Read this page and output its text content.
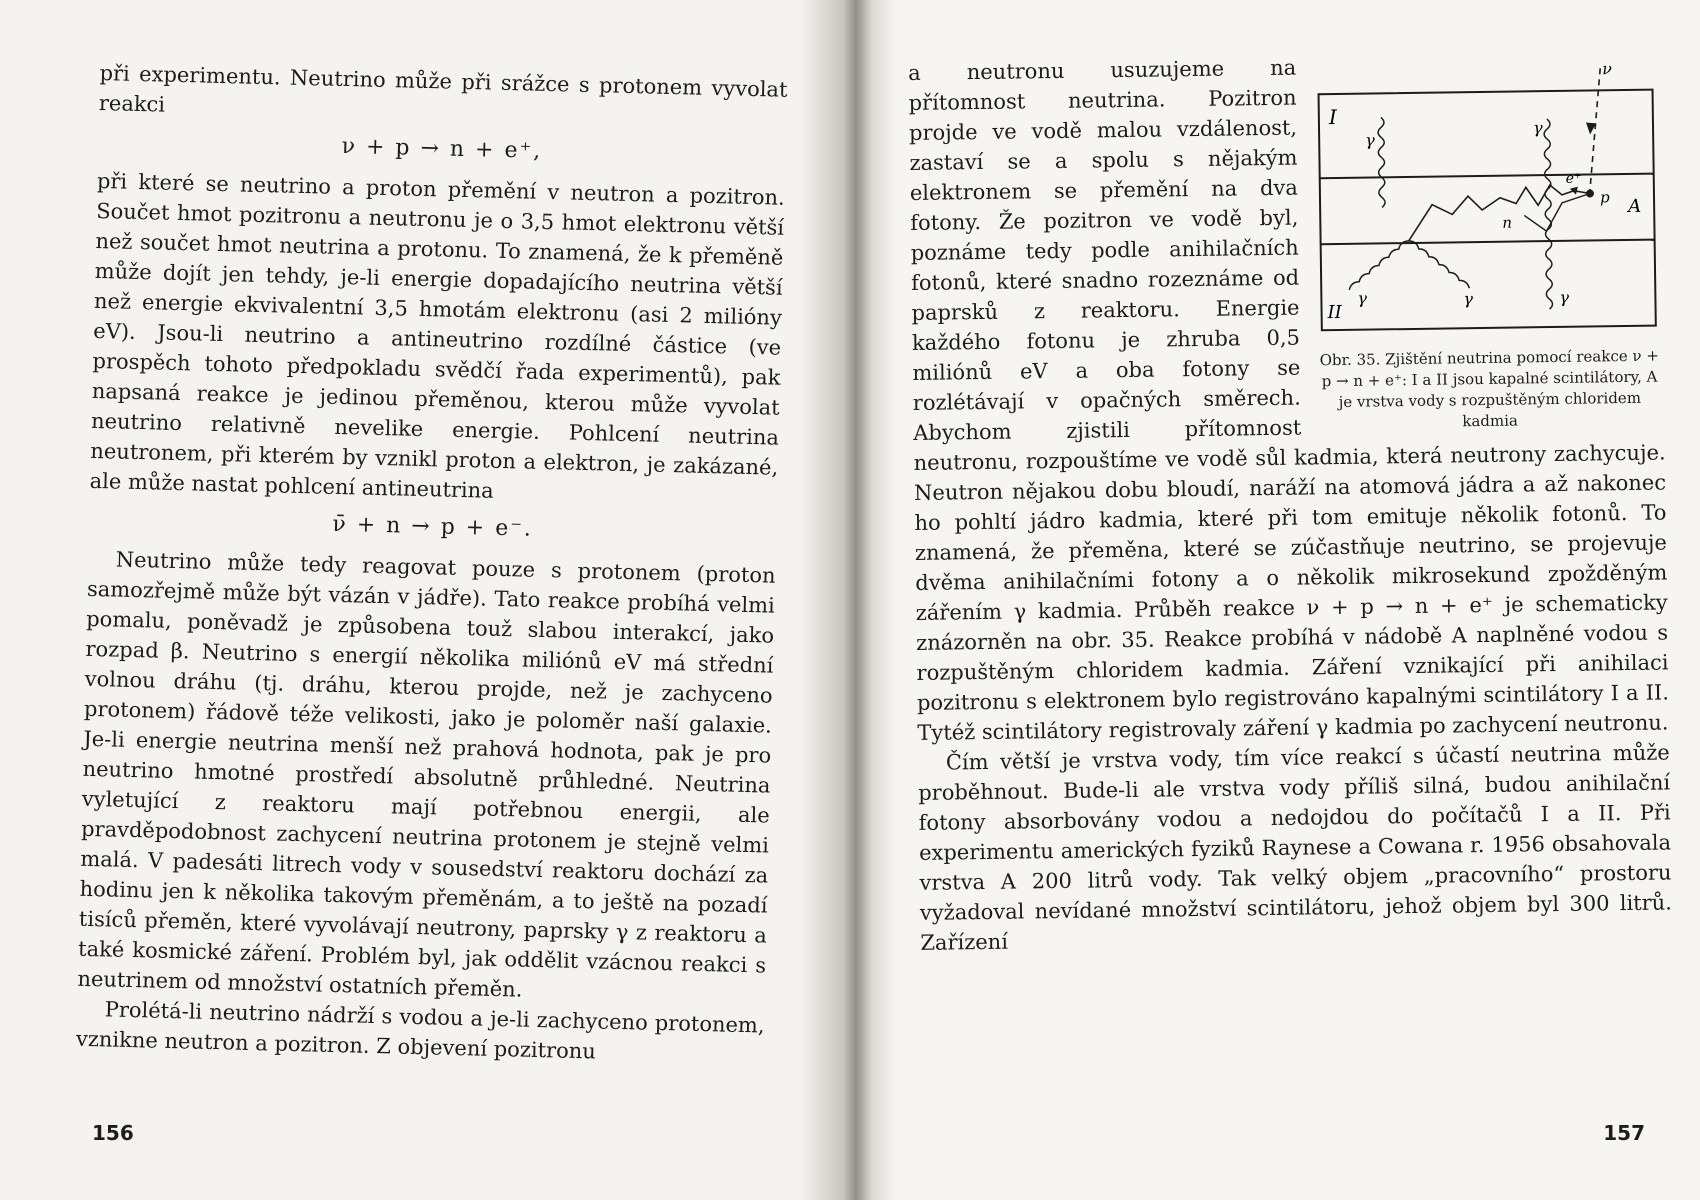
při experimentu. Neutrino může při srážce s protonem vyvolat reakci

ν + p → n + e⁺,

při které se neutrino a proton přemění v neutron a pozitron. Součet hmot pozitronu a neutronu je o 3,5 hmot elektronu větší než součet hmot neutrina a protonu. To znamená, že k přeměně může dojít jen tehdy, je-li energie dopadajícího neutrina větší než energie ekvivalentní 3,5 hmotám elektronu (asi 2 milióny eV). Jsou-li neutrino a antineutrino rozdílné částice (ve prospěch tohoto předpokladu svědčí řada experimentů), pak napsaná reakce je jedinou přeměnou, kterou může vyvolat neutrino relativně nevelike energie. Pohlcení neutrina neutronem, při kterém by vznikl proton a elektron, je zakázané, ale může nastat pohlcení antineutrina

ν̄ + n → p + e⁻.

Neutrino může tedy reagovat pouze s protonem (proton samozřejmě může být vázán v jádře). Tato reakce probíhá velmi pomalu, poněvadž je způsobena touž slabou interakcí, jako rozpad β. Neutrino s energií několika miliónů eV má střední volnou dráhu (tj. dráhu, kterou projde, než je zachyceno protonem) řádově téže velikosti, jako je poloměr naší galaxie. Je-li energie neutrina menší než prahová hodnota, pak je pro neutrino hmotné prostředí absolutně průhledné. Neutrina vyletující z reaktoru mají potřebnou energii, ale pravděpodobnost zachycení neutrina protonem je stejně velmi malá. V padesáti litrech vody v sousedství reaktoru dochází za hodinu jen k několika takovým přeměnám, a to ještě na pozadí tisíců přeměn, které vyvolávají neutrony, paprsky γ z reaktoru a také kosmické záření. Problém byl, jak oddělit vzácnou reakci s neutrinem od množství ostatních přeměn.

Prolétá-li neutrino nádrží s vodou a je-li zachyceno protonem, vznikne neutron a pozitron. Z objevení pozitronu

156
I
II
A
ν
e⁺
p
n
γ
γ
γ	γ	γ
Obr. 35. Zjištění neutrina pomocí reakce ν + p → n + e⁺: I a II jsou kapalné scintilátory, A je vrstva vody s rozpuštěným chloridem kadmia

a neutronu usuzujeme na přítomnost neutrina. Pozitron projde ve vodě malou vzdálenost, zastaví se a spolu s nějakým elektronem se přemění na dva fotony. Že pozitron ve vodě byl, poznáme tedy podle anihilačních fotonů, které snadno rozeznáme od paprsků z reaktoru. Energie každého fotonu je zhruba 0,5 miliónů eV a oba fotony se rozlétávají v opačných směrech. Abychom zjistili přítomnost neutronu, rozpouštíme ve vodě sůl kadmia, která neutrony zachycuje. Neutron nějakou dobu bloudí, naráží na atomová jádra a až nakonec ho pohltí jádro kadmia, které při tom emituje několik fotonů. To znamená, že přeměna, které se zúčastňuje neutrino, se projevuje dvěma anihilačními fotony a o několik mikrosekund zpožděným zářením γ kadmia. Průběh reakce ν + p → n + e⁺ je schematicky znázorněn na obr. 35. Reakce probíhá v nádobě A naplněné vodou s rozpuštěným chloridem kadmia. Záření vznikající při anihilaci pozitronu s elektronem bylo registrováno kapalnými scintilátory I a II. Tytéž scintilátory registrovaly záření γ kadmia po zachycení neutronu.

Čím větší je vrstva vody, tím více reakcí s účastí neutrina může proběhnout. Bude-li ale vrstva vody příliš silná, budou anihilační fotony absorbovány vodou a nedojdou do počítačů I a II. Při experimentu amerických fyziků Raynese a Cowana r. 1956 obsahovala vrstva A 200 litrů vody. Tak velký objem „pracovního“ prostoru vyžadoval nevídané množství scintilátoru, jehož objem byl 300 litrů. Zařízení

157
